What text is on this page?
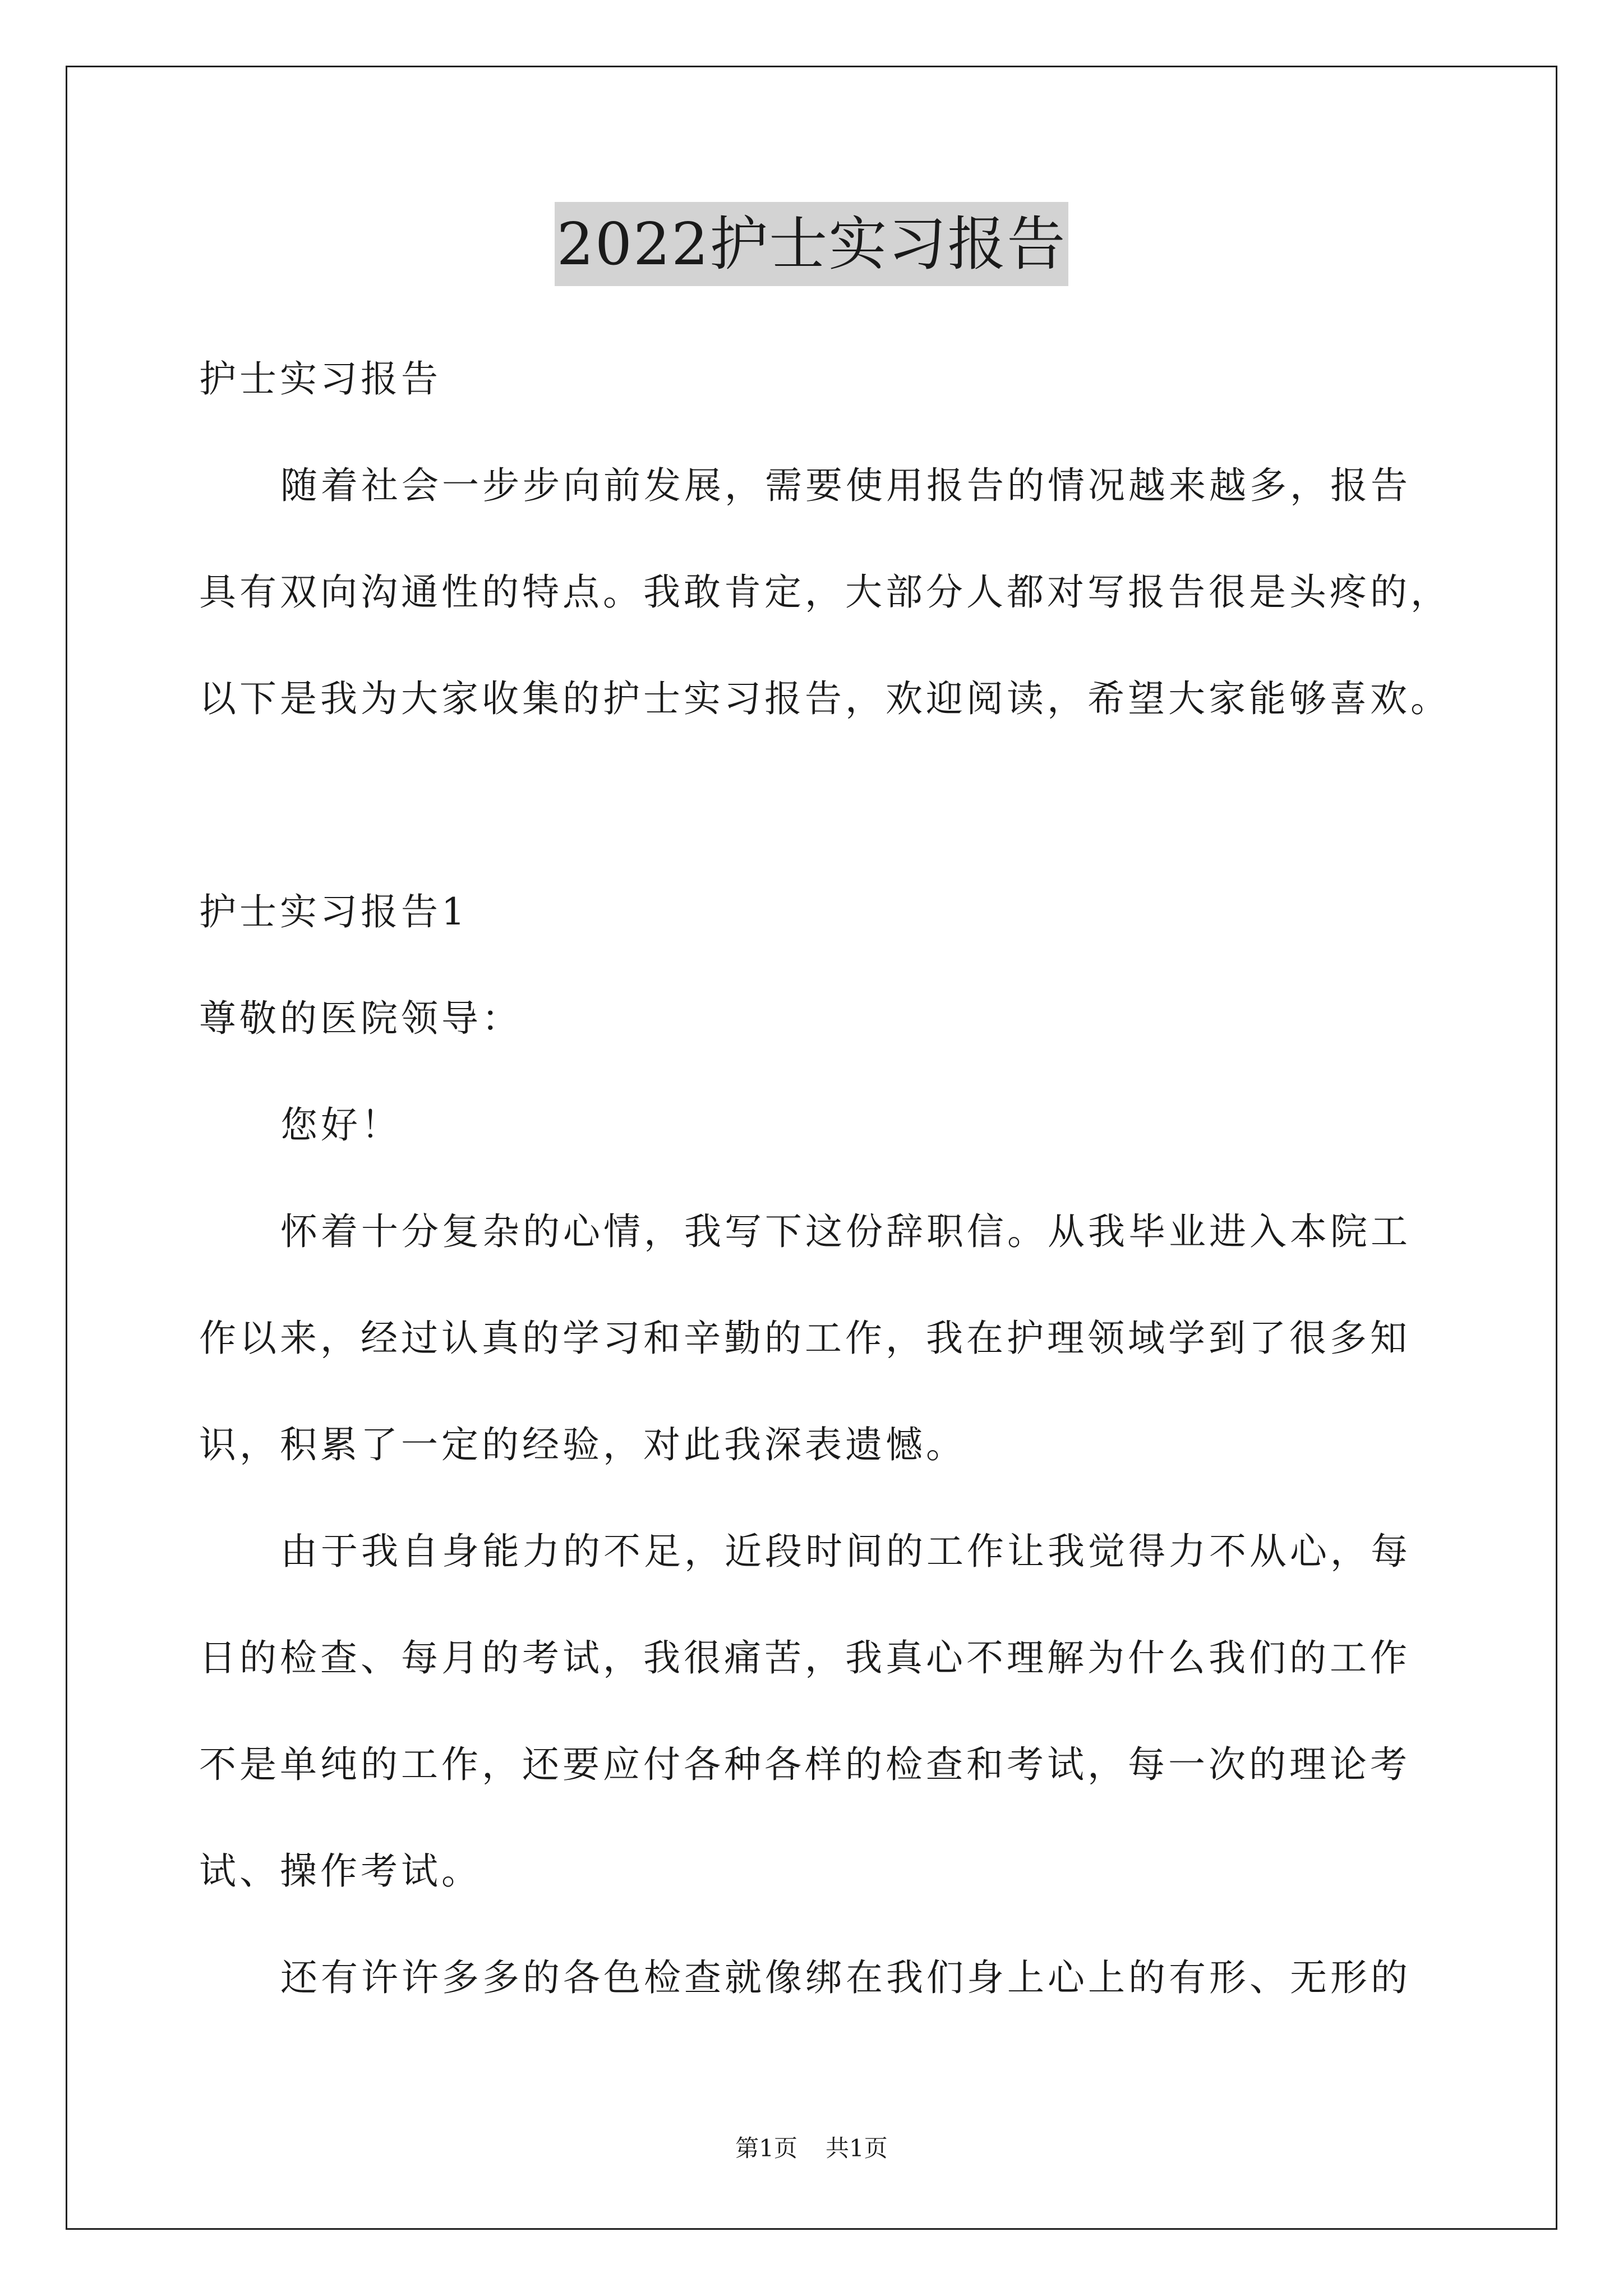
2022护士实习报告
护士实习报告
随着社会一步步向前发展，需要使用报告的情况越来越多，报告
具有双向沟通性的特点。我敢肯定，大部分人都对写报告很是头疼的，
以下是我为大家收集的护士实习报告，欢迎阅读，希望大家能够喜欢。
护士实习报告1
尊敬的医院领导：
您好！
怀着十分复杂的心情，我写下这份辞职信。从我毕业进入本院工
作以来，经过认真的学习和辛勤的工作，我在护理领域学到了很多知
识，积累了一定的经验，对此我深表遗憾。
由于我自身能力的不足，近段时间的工作让我觉得力不从心，每
日的检查、每月的考试，我很痛苦，我真心不理解为什么我们的工作
不是单纯的工作，还要应付各种各样的检查和考试，每一次的理论考
试、操作考试。
还有许许多多的各色检查就像绑在我们身上心上的有形、无形的
第1页 共1页
